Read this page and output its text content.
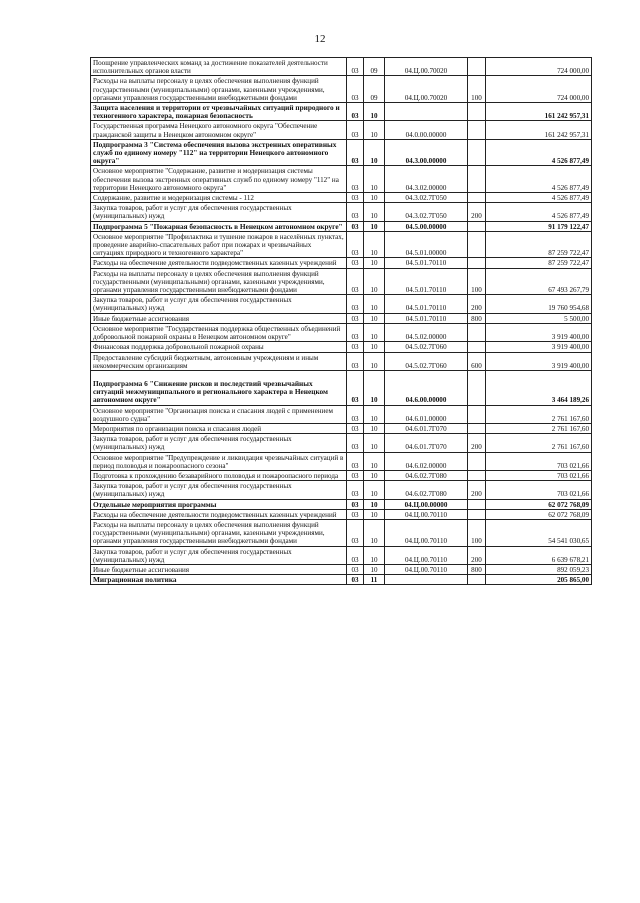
12
Поощрение управленческих команд за достижение показателей деятельности исполнительных органов власти	03	09	04.Ц.00.70020		724 000,00
Расходы на выплаты персоналу в целях обеспечения выполнения функций государственными (муниципальными) органами, казенными учреждениями, органами управления государственными внебюджетными фондами	03	09	04.Ц.00.70020	100	724 000,00
Защита населения и территории от чрезвычайных ситуаций природного и техногенного характера, пожарная безопасность	03	10			161 242 957,31
Государственная программа Ненецкого автономного округа "Обеспечение гражданской защиты в Ненецком автономном округе"	03	10	04.0.00.00000		161 242 957,31
Подпрограмма 3 "Система обеспечения вызова экстренных оперативных служб по единому номеру "112" на территории Ненецкого автономного округа"	03	10	04.3.00.00000		4 526 877,49
Основное мероприятие "Содержание, развитие и модернизация системы обеспечения вызова экстренных оперативных служб по единому номеру "112" на территории Ненецкого автономного округа"	03	10	04.3.02.00000		4 526 877,49
Содержание, развитие и модернизация системы - 112	03	10	04.3.02.7Г050		4 526 877,49
Закупка товаров, работ и услуг для обеспечения государственных (муниципальных) нужд	03	10	04.3.02.7Г050	200	4 526 877,49
Подпрограмма 5 "Пожарная безопасность в Ненецком автономном округе"	03	10	04.5.00.00000		91 179 122,47
Основное мероприятие "Профилактика и тушение пожаров в населённых пунктах, проведение аварийно-спасательных работ при пожарах и чрезвычайных ситуациях природного и техногенного характера"	03	10	04.5.01.00000		87 259 722,47
Расходы на обеспечение деятельности подведомственных казенных учреждений	03	10	04.5.01.70110		87 259 722,47
Расходы на выплаты персоналу в целях обеспечения выполнения функций государственными (муниципальными) органами, казенными учреждениями, органами управления государственными внебюджетными фондами	03	10	04.5.01.70110	100	67 493 267,79
Закупка товаров, работ и услуг для обеспечения государственных (муниципальных) нужд	03	10	04.5.01.70110	200	19 760 954,68
Иные бюджетные ассигнования	03	10	04.5.01.70110	800	5 500,00
Основное мероприятие "Государственная поддержка общественных объединений добровольной пожарной охраны в Ненецком автономном округе"	03	10	04.5.02.00000		3 919 400,00
Финансовая поддержка добровольной пожарной охраны	03	10	04.5.02.7Г060		3 919 400,00
Предоставление субсидий бюджетным, автономным учреждениям и иным некоммерческим организациям	03	10	04.5.02.7Г060	600	3 919 400,00
Подпрограмма 6 "Снижение рисков и последствий чрезвычайных ситуаций межмуниципального и регионального характера в Ненецком автономном округе"	03	10	04.6.00.00000		3 464 189,26
Основное мероприятие "Организация поиска и спасания людей с применением воздушного судна"	03	10	04.6.01.00000		2 761 167,60
Мероприятия по организации поиска и спасания людей	03	10	04.6.01.7Г070		2 761 167,60
Закупка товаров, работ и услуг для обеспечения государственных (муниципальных) нужд	03	10	04.6.01.7Г070	200	2 761 167,60
Основное мероприятие "Предупреждение и ликвидация чрезвычайных ситуаций в период половодья и пожароопасного сезона"	03	10	04.6.02.00000		703 021,66
Подготовка к прохождению безаварийного половодья и пожароопасного периода	03	10	04.6.02.7Г080		703 021,66
Закупка товаров, работ и услуг для обеспечения государственных (муниципальных) нужд	03	10	04.6.02.7Г080	200	703 021,66
Отдельные мероприятия программы	03	10	04.Ц.00.00000		62 072 768,09
Расходы на обеспечение деятельности подведомственных казенных учреждений	03	10	04.Ц.00.70110		62 072 768,09
Расходы на выплаты персоналу в целях обеспечения выполнения функций государственными (муниципальными) органами, казенными учреждениями, органами управления государственными внебюджетными фондами	03	10	04.Ц.00.70110	100	54 541 030,65
Закупка товаров, работ и услуг для обеспечения государственных (муниципальных) нужд	03	10	04.Ц.00.70110	200	6 639 678,21
Иные бюджетные ассигнования	03	10	04.Ц.00.70110	800	892 059,23
Миграционная политика	03	11			205 865,00
